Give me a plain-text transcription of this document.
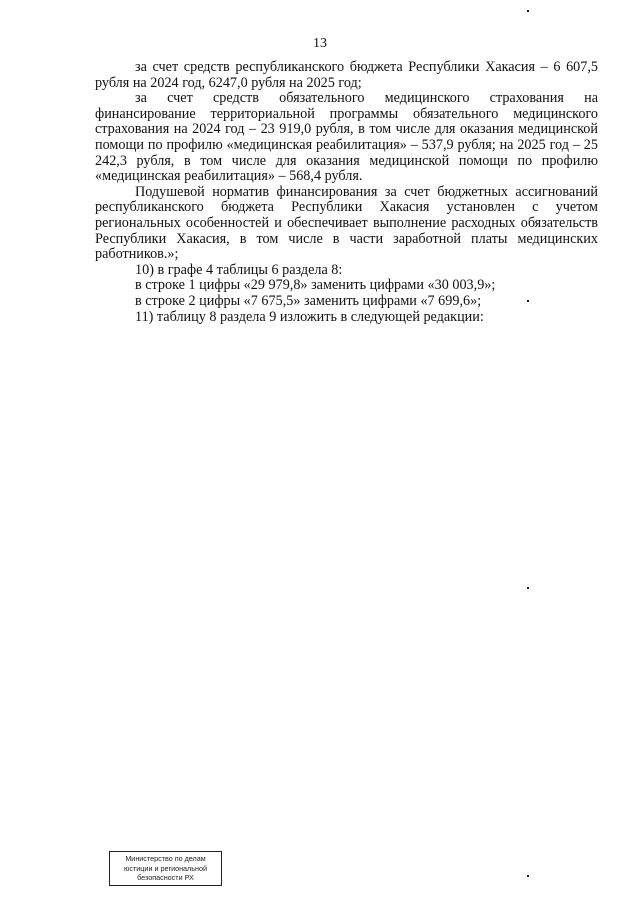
13

за счет средств республиканского бюджета Республики Хакасия – 6 607,5 рубля на 2024 год, 6247,0 рубля на 2025 год;

за счет средств обязательного медицинского страхования на финансирование территориальной программы обязательного медицинского страхования на 2024 год – 23 919,0 рубля, в том числе для оказания медицинской помощи по профилю «медицинская реабилитация» – 537,9 рубля; на 2025 год – 25 242,3 рубля, в том числе для оказания медицинской помощи по профилю «медицинская реабилитация» – 568,4 рубля.

Подушевой норматив финансирования за счет бюджетных ассигнований республиканского бюджета Республики Хакасия установлен с учетом региональных особенностей и обеспечивает выполнение расходных обязательств Республики Хакасия, в том числе в части заработной платы медицинских работников.»;

10) в графе 4 таблицы 6 раздела 8:

в строке 1 цифры «29 979,8» заменить цифрами «30 003,9»;

в строке 2 цифры «7 675,5» заменить цифрами «7 699,6»;

11) таблицу 8 раздела 9 изложить в следующей редакции:

Министерство по делам
юстиции и региональной
безопасности РХ
